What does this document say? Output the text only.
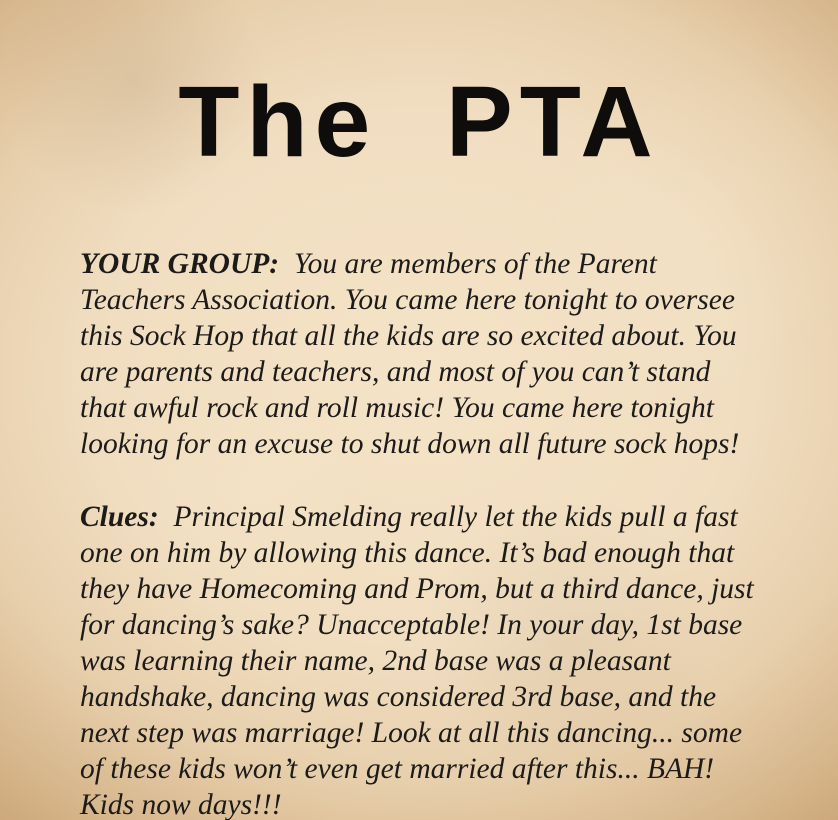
The PTA
YOUR GROUP:  You are members of the Parent
Teachers Association. You came here tonight to oversee
this Sock Hop that all the kids are so excited about. You
are parents and teachers, and most of you can’t stand
that awful rock and roll music! You came here tonight
looking for an excuse to shut down all future sock hops!
Clues:  Principal Smelding really let the kids pull a fast
one on him by allowing this dance. It’s bad enough that
they have Homecoming and Prom, but a third dance, just
for dancing’s sake? Unacceptable! In your day, 1st base
was learning their name, 2nd base was a pleasant
handshake, dancing was considered 3rd base, and the
next step was marriage! Look at all this dancing... some
of these kids won’t even get married after this... BAH!
Kids now days!!!
